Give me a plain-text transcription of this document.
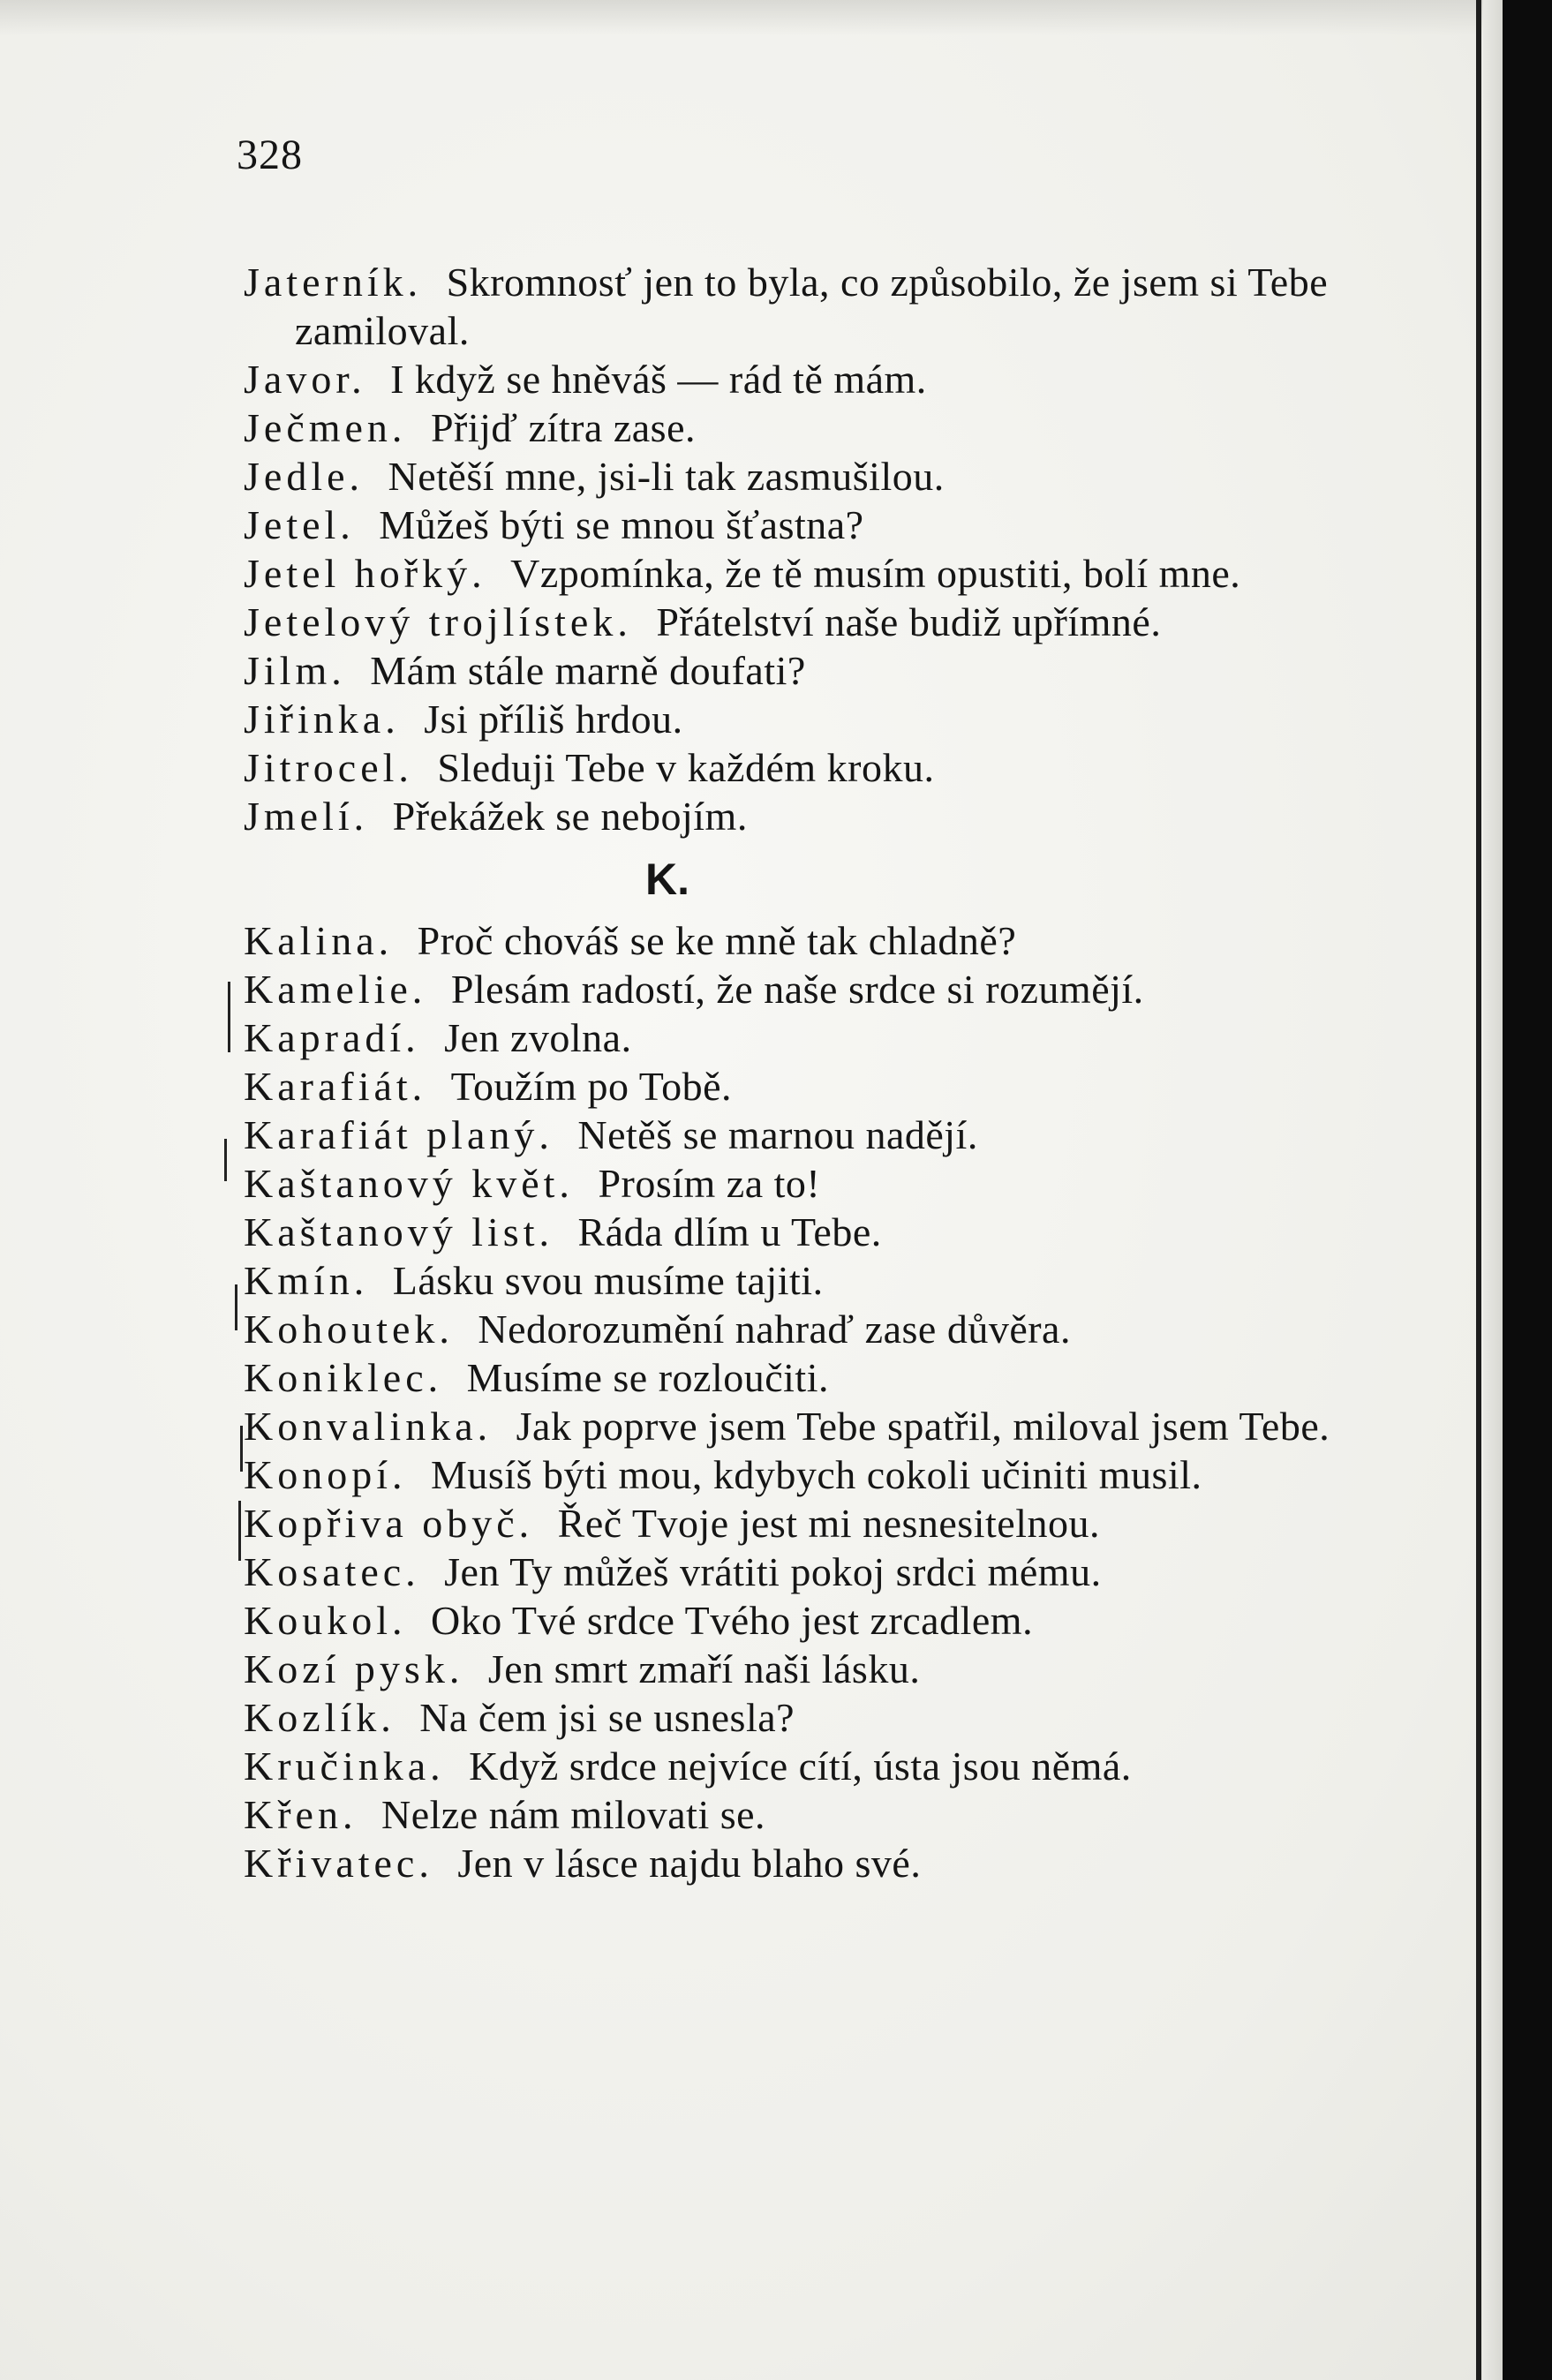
328
Jaterník. Skromnosť jen to byla, co způsobilo, že jsem si Tebe zamiloval.
Javor. I když se hněváš — rád tě mám.
Ječmen. Přijď zítra zase.
Jedle. Netěší mne, jsi-li tak zasmušilou.
Jetel. Můžeš býti se mnou šťastna?
Jetel hořký. Vzpomínka, že tě musím opustiti, bolí mne.
Jetelový trojlístek. Přátelství naše budiž upřímné.
Jilm. Mám stále marně doufati?
Jiřinka. Jsi příliš hrdou.
Jitrocel. Sleduji Tebe v každém kroku.
Jmelí. Překážek se nebojím.
K.
Kalina. Proč chováš se ke mně tak chladně?
Kamelie. Plesám radostí, že naše srdce si rozumějí.
Kapradí. Jen zvolna.
Karafiát. Toužím po Tobě.
Karafiát planý. Netěš se marnou nadějí.
Kaštanový květ. Prosím za to!
Kaštanový list. Ráda dlím u Tebe.
Kmín. Lásku svou musíme tajiti.
Kohoutek. Nedorozumění nahraď zase důvěra.
Koniklec. Musíme se rozloučiti.
Konvalinka. Jak poprve jsem Tebe spatřil, miloval jsem Tebe.
Konopí. Musíš býti mou, kdybych cokoli učiniti musil.
Kopřiva obyč. Řeč Tvoje jest mi nesnesitelnou.
Kosatec. Jen Ty můžeš vrátiti pokoj srdci mému.
Koukol. Oko Tvé srdce Tvého jest zrcadlem.
Kozí pysk. Jen smrt zmaří naši lásku.
Kozlík. Na čem jsi se usnesla?
Kručinka. Když srdce nejvíce cítí, ústa jsou němá.
Křen. Nelze nám milovati se.
Křivatec. Jen v lásce najdu blaho své.
